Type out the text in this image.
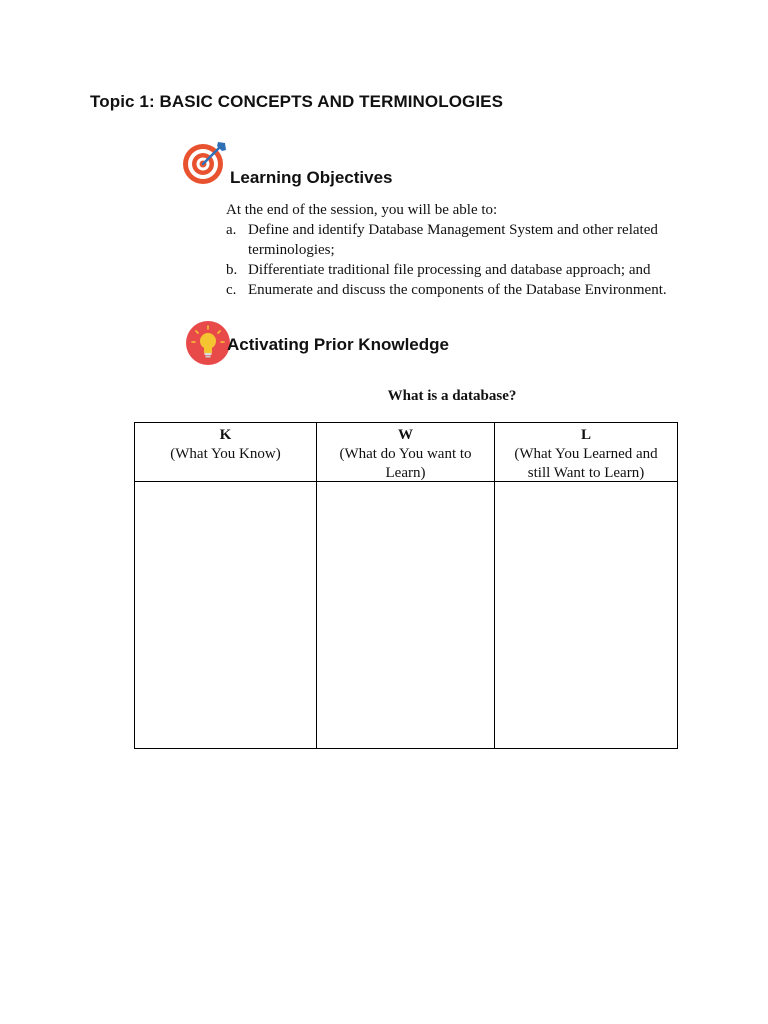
Topic 1: BASIC CONCEPTS AND TERMINOLOGIES
Learning Objectives
At the end of the session, you will be able to:
a. Define and identify Database Management System and other related terminologies;
b. Differentiate traditional file processing and database approach; and
c. Enumerate and discuss the components of the Database Environment.
Activating Prior Knowledge
What is a database?
K
(What You Know)
W
(What do You want to Learn)
L
(What You Learned and still Want to Learn)
